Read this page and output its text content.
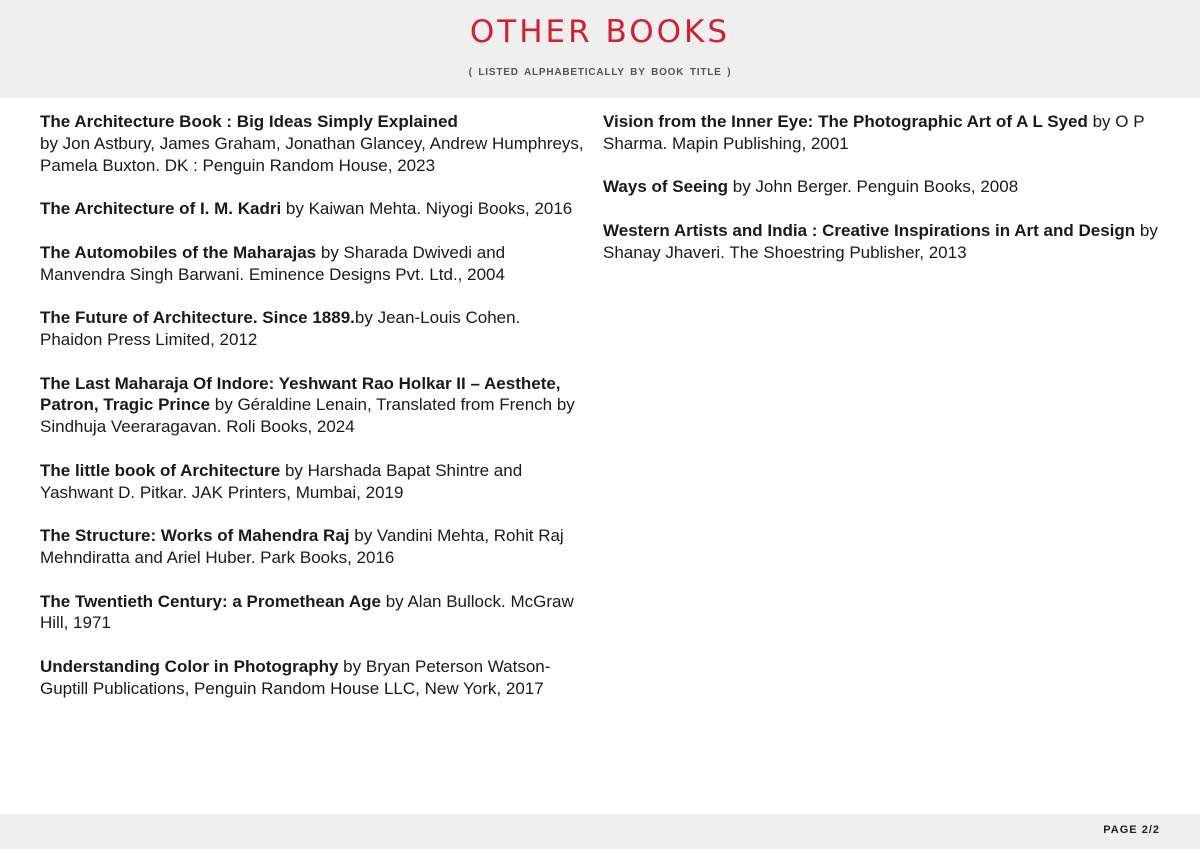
OTHER BOOKS
( LISTED ALPHABETICALLY BY BOOK TITLE )
The Architecture Book : Big Ideas Simply Explained
by Jon Astbury, James Graham, Jonathan Glancey, Andrew Humphreys, Pamela Buxton. DK : Penguin Random House, 2023
The Architecture of I. M. Kadri by Kaiwan Mehta. Niyogi Books, 2016
The Automobiles of the Maharajas by Sharada Dwivedi and Manvendra Singh Barwani. Eminence Designs Pvt. Ltd., 2004
The Future of Architecture. Since 1889.by Jean-Louis Cohen. Phaidon Press Limited, 2012
The Last Maharaja Of Indore: Yeshwant Rao Holkar II – Aesthete, Patron, Tragic Prince by Géraldine Lenain, Translated from French by Sindhuja Veeraragavan. Roli Books, 2024
The little book of Architecture by Harshada Bapat Shintre and Yashwant D. Pitkar. JAK Printers, Mumbai, 2019
The Structure: Works of Mahendra Raj by Vandini Mehta, Rohit Raj Mehndiratta and Ariel Huber. Park Books, 2016
The Twentieth Century: a Promethean Age by Alan Bullock. McGraw Hill, 1971
Understanding Color in Photography by Bryan Peterson Watson-Guptill Publications, Penguin Random House LLC, New York, 2017
Vision from the Inner Eye: The Photographic Art of A L Syed by O P Sharma. Mapin Publishing, 2001
Ways of Seeing by John Berger. Penguin Books, 2008
Western Artists and India : Creative Inspirations in Art and Design by Shanay Jhaveri. The Shoestring Publisher, 2013
PAGE 2/2
